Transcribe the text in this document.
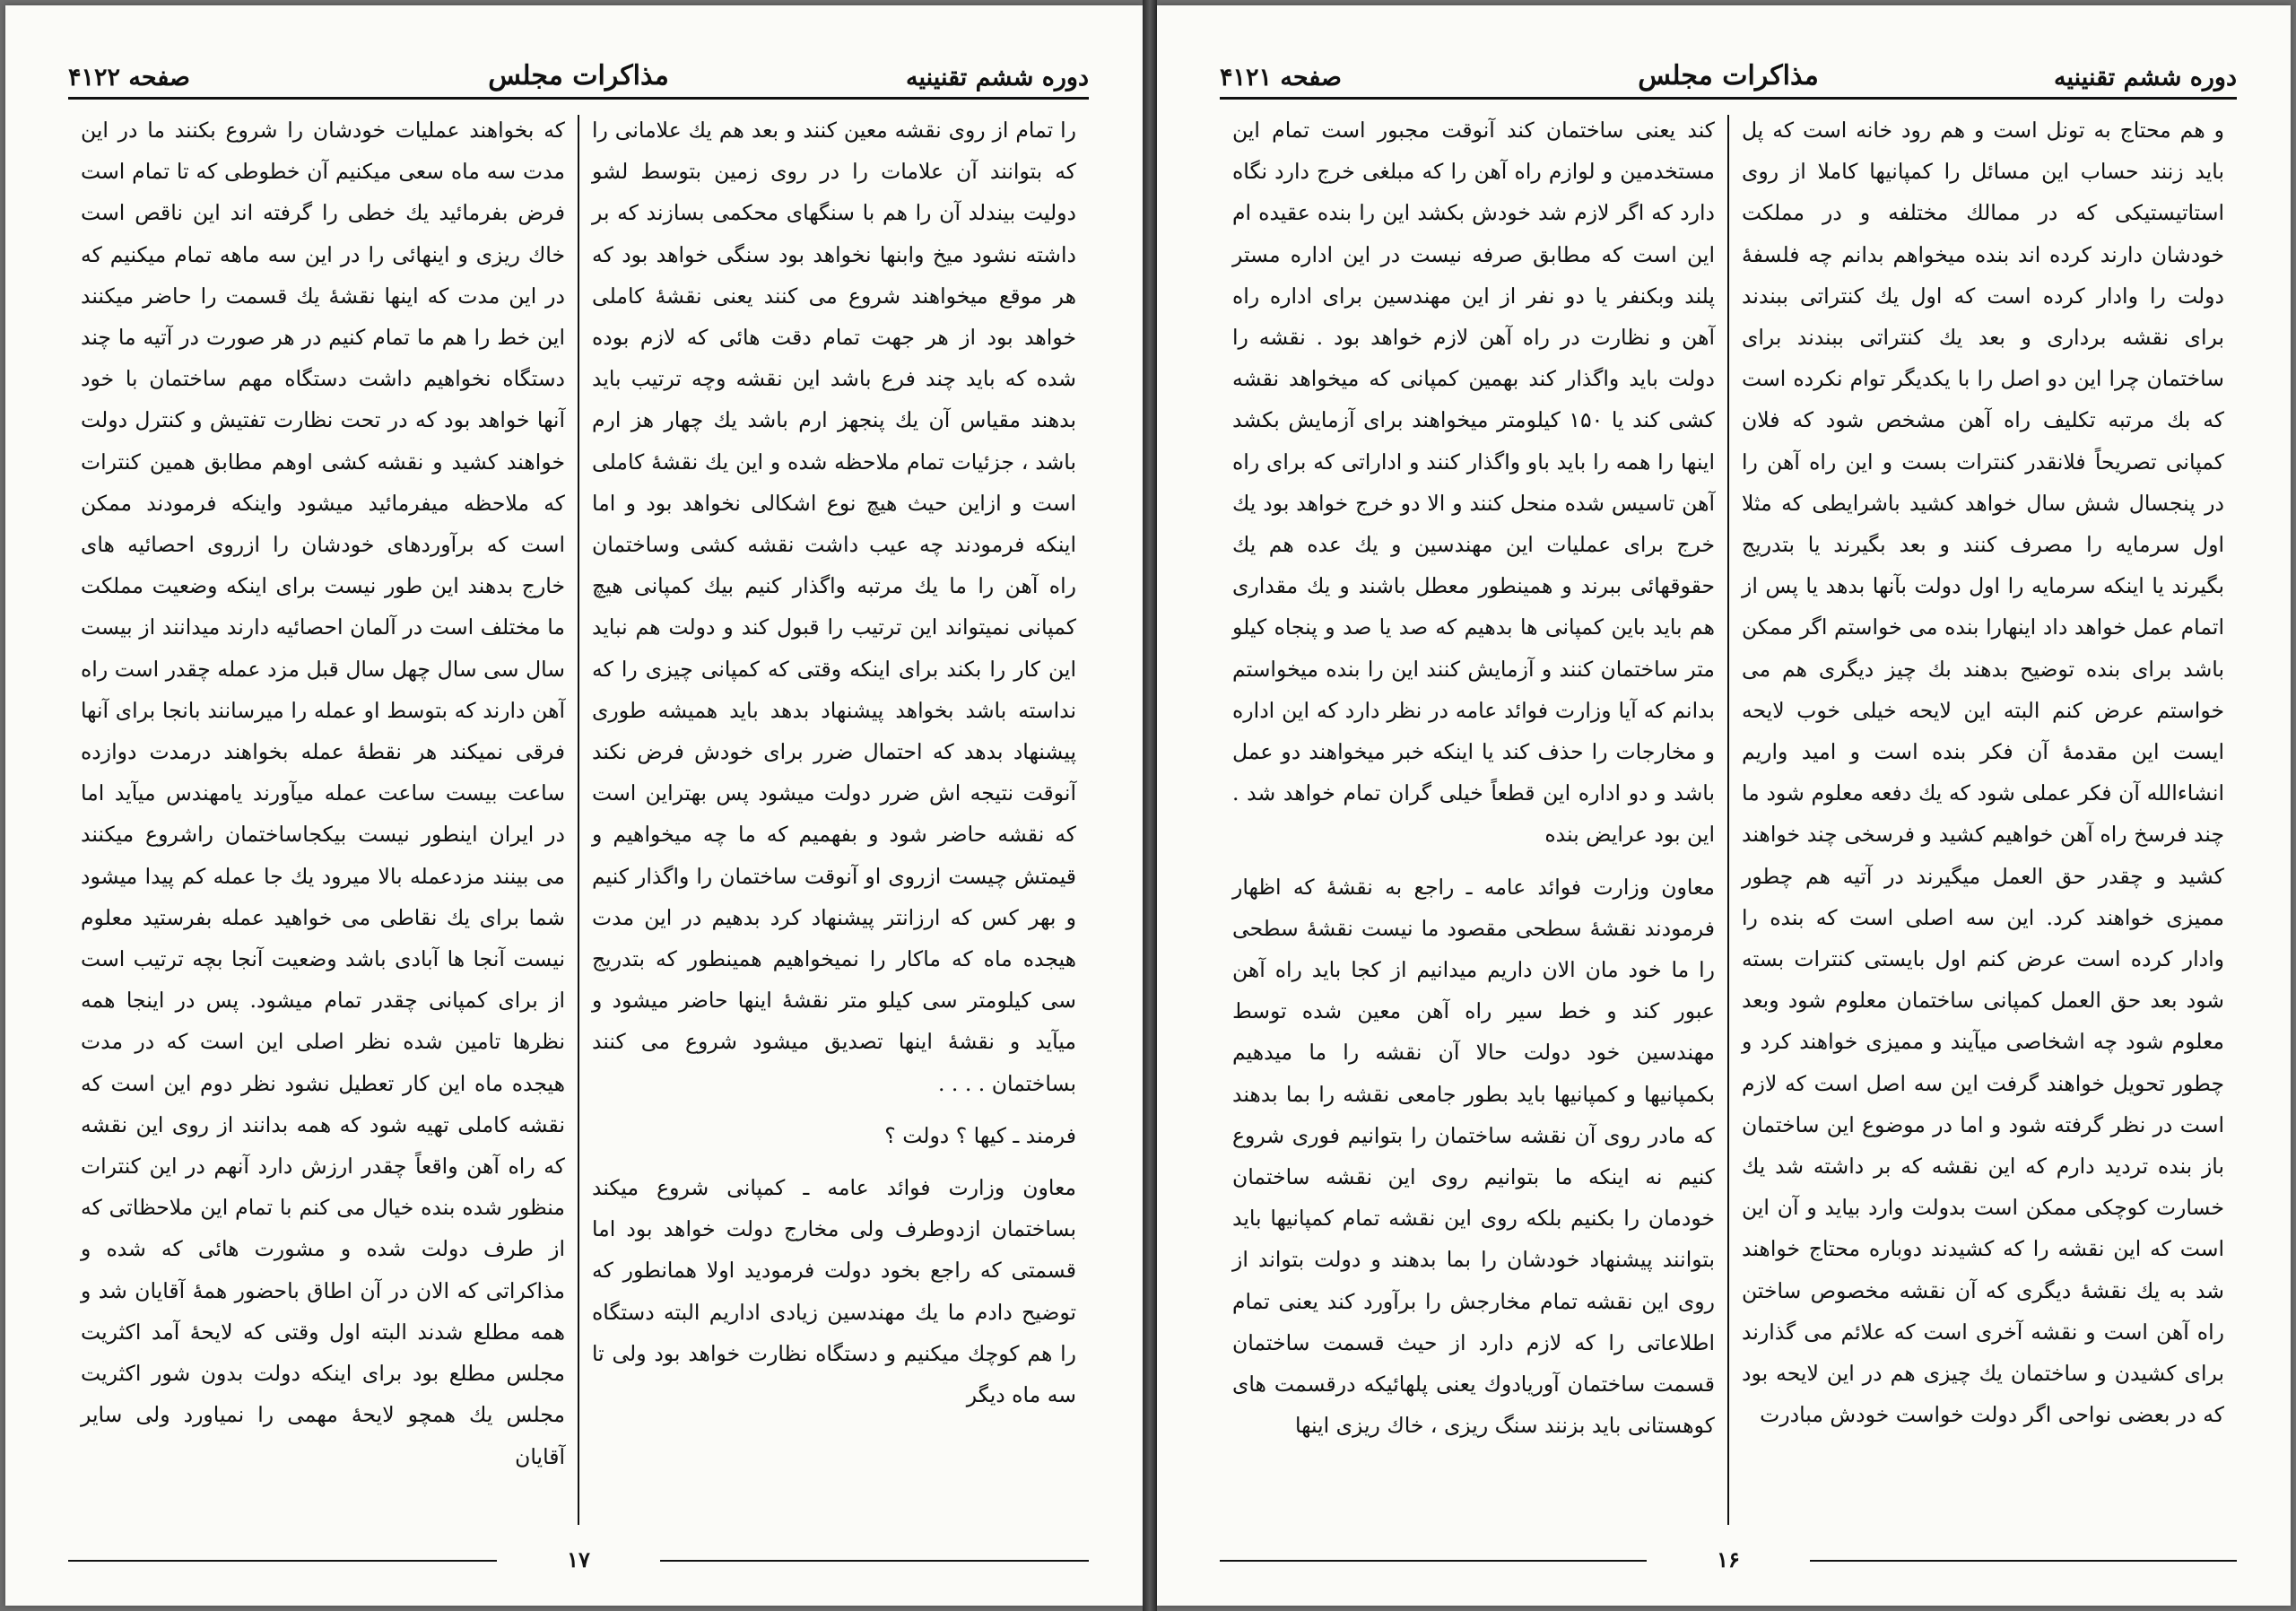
دوره ششم تقنينيه
مذاکرات مجلس
صفحه ۴۱۲۲

را تمام از روی نقشه معین کنند و بعد هم یك علامانی را که بتوانند آن علامات را در روی زمین بتوسط لشو دولیت بیندلد آن را هم با سنگهای محکمی بسازند که بر داشته نشود میخ وابنها نخواهد بود سنگی خواهد بود که هر موقع میخواهند شروع می کنند یعنی نقشهٔ کاملی خواهد بود از هر جهت تمام دقت هائی که لازم بوده شده که باید چند فرع باشد این نقشه وچه ترتیب باید بدهند مقیاس آن یك پنجهز ارم باشد یك چهار هز ارم باشد ، جزئیات تمام ملاحظه شده و این یك نقشهٔ کاملی است و ازاین حیث هیچ نوع اشکالی نخواهد بود و اما اینکه فرمودند چه عیب داشت نقشه کشی وساختمان راه آهن را ما یك مرتبه واگذار کنیم بیك کمپانی هیچ کمپانی نمیتواند این ترتیب را قبول کند و دولت هم نباید این کار را بکند برای اینکه وقتی که کمپانی چیزی را که نداسته باشد بخواهد پیشنهاد بدهد باید همیشه طوری پیشنهاد بدهد که احتمال ضرر برای خودش فرض نکند آنوقت نتیجه اش ضرر دولت میشود پس بهتراین است که نقشه حاضر شود و بفهمیم که ما چه میخواهیم و قیمتش چیست ازروی او آنوقت ساختمان را واگذار کنیم و بهر کس که ارزانتر پیشنهاد کرد بدهیم در این مدت هیجده ماه که ماکار را نمیخواهیم همینطور که بتدریج سی کیلومتر سی کیلو متر نقشهٔ اینها حاضر میشود و میآید و نقشهٔ اینها تصدیق میشود شروع می کنند بساختمان . . . .

فرمند ـ کیها ؟ دولت ؟

معاون وزارت فوائد عامه ـ کمپانی شروع میکند بساختمان ازدوطرف ولی مخارج دولت خواهد بود اما قسمتی که راجع بخود دولت فرمودید اولا همانطور که توضیح دادم ما یك مهندسین زیادی اداریم البته دستگاه را هم کوچك میکنیم و دستگاه نظارت خواهد بود ولی تا سه ماه دیگر

که بخواهند عملیات خودشان را شروع بکنند ما در این مدت سه ماه سعی میکنیم آن خطوطی که تا تمام است فرض بفرمائید یك خطی را گرفته اند این ناقص است خاك ریزی و اینهائی را در این سه ماهه تمام میکنیم که در این مدت که اینها نقشهٔ یك قسمت را حاضر میکنند این خط را هم ما تمام کنیم در هر صورت در آتیه ما چند دستگاه نخواهیم داشت دستگاه مهم ساختمان با خود آنها خواهد بود که در تحت نظارت تفتیش و کنترل دولت خواهند کشید و نقشه کشی اوهم مطابق همین کنترات که ملاحظه میفرمائید میشود واینکه فرمودند ممکن است که برآوردهای خودشان را ازروی احصائیه های خارج بدهند این طور نیست برای اینکه وضعیت مملکت ما مختلف است در آلمان احصائیه دارند میدانند از بیست سال سی سال چهل سال قبل مزد عمله چقدر است راه آهن دارند که بتوسط او عمله را میرسانند بانجا برای آنها فرقی نمیکند هر نقطهٔ عمله بخواهند درمدت دوازده ساعت بیست ساعت عمله میآورند یامهندس میآید اما در ایران اینطور نیست بیکجاساختمان راشروع میکنند می بینند مزدعمله بالا میرود یك جا عمله کم پیدا میشود شما برای یك نقاطی می خواهید عمله بفرستید معلوم نیست آنجا ها آبادی باشد وضعیت آنجا بچه ترتیب است از برای کمپانی چقدر تمام میشود. پس در اینجا همه نظرها تامین شده نظر اصلی این است که در مدت هیجده ماه این کار تعطیل نشود نظر دوم این است که نقشه کاملی تهیه شود که همه بدانند از روی این نقشه که راه آهن واقعاً چقدر ارزش دارد آنهم در این کنترات منظور شده بنده خیال می کنم با تمام این ملاحظاتی که از طرف دولت شده و مشورت هائی که شده و مذاکراتی که الان در آن اطاق باحضور همهٔ آقایان شد و همه مطلع شدند البته اول وقتی که لایحهٔ آمد اکثریت مجلس مطلع بود برای اینکه دولت بدون شور اکثریت مجلس یك همچو لایحهٔ مهمی را نمیاورد ولی سایر آقایان

۱۷
دوره ششم تقنينيه
مذاکرات مجلس
صفحه ۴۱۲۱

و هم محتاج به تونل است و هم رود خانه است که پل باید زنند حساب این مسائل را کمپانیها کاملا از روی استاتیستیکی که در ممالك مختلفه و در مملکت خودشان دارند کرده اند بنده میخواهم بدانم چه فلسفهٔ دولت را وادار کرده است که اول یك کنتراتی ببندند برای نقشه برداری و بعد یك کنتراتی ببندند برای ساختمان چرا این دو اصل را با یکدیگر توام نکرده است که بك مرتبه تکلیف راه آهن مشخص شود که فلان کمپانی تصریحاً فلانقدر کنترات بست و این راه آهن را در پنجسال شش سال خواهد کشید باشرایطی که مثلا اول سرمایه را مصرف کنند و بعد بگیرند یا بتدریج بگیرند یا اینکه سرمایه را اول دولت بآنها بدهد یا پس از اتمام عمل خواهد داد اینهارا بنده می خواستم اگر ممکن باشد برای بنده توضیح بدهند بك چیز دیگری هم می خواستم عرض کنم البته این لایحه خیلی خوب لایحه ایست این مقدمهٔ آن فکر بنده است و امید واریم انشاءالله آن فکر عملی شود که یك دفعه معلوم شود ما چند فرسخ راه آهن خواهیم کشید و فرسخی چند خواهند کشید و چقدر حق العمل میگیرند در آتیه هم چطور ممیزی خواهند کرد. این سه اصلی است که بنده را وادار کرده است عرض کنم اول بایستی کنترات بسته شود بعد حق العمل کمپانی ساختمان معلوم شود وبعد معلوم شود چه اشخاصی میآیند و ممیزی خواهند کرد و چطور تحویل خواهند گرفت این سه اصل است که لازم است در نظر گرفته شود و اما در موضوع این ساختمان باز بنده تردید دارم که این نقشه که بر داشته شد یك خسارت کوچکی ممکن است بدولت وارد بیاید و آن این است که این نقشه را که کشیدند دوباره محتاج خواهند شد به یك نقشهٔ دیگری که آن نقشه مخصوص ساختن راه آهن است و نقشه آخری است که علائم می گذارند برای کشیدن و ساختمان یك چیزی هم در این لایحه بود که در بعضی نواحی اگر دولت خواست خودش مبادرت

کند یعنی ساختمان کند آنوقت مجبور است تمام این مستخدمین و لوازم راه آهن را که مبلغی خرج دارد نگاه دارد که اگر لازم شد خودش بکشد این را بنده عقیده ام این است که مطابق صرفه نیست در این اداره مستر پلند وبکنفر یا دو نفر از این مهندسین برای اداره راه آهن و نظارت در راه آهن لازم خواهد بود . نقشه را دولت باید واگذار کند بهمین کمپانی که میخواهد نقشه کشی کند یا ۱۵۰ کیلومتر میخواهند برای آزمایش بکشد اینها را همه را باید باو واگذار کنند و اداراتی که برای راه آهن تاسیس شده منحل کنند و الا دو خرج خواهد بود یك خرج برای عملیات این مهندسین و یك عده هم یك حقوقهائی ببرند و همینطور معطل باشند و یك مقداری هم باید باین کمپانی ها بدهیم که صد یا صد و پنجاه کیلو متر ساختمان کنند و آزمایش کنند این را بنده میخواستم بدانم که آیا وزارت فوائد عامه در نظر دارد که این اداره و مخارجات را حذف کند یا اینکه خبر میخواهند دو عمل باشد و دو اداره این قطعاً خیلی گران تمام خواهد شد . این بود عرایض بنده

معاون وزارت فوائد عامه ـ راجع به نقشهٔ که اظهار فرمودند نقشهٔ سطحی مقصود ما نیست نقشهٔ سطحی را ما خود مان الان داریم میدانیم از کجا باید راه آهن عبور کند و خط سیر راه آهن معین شده توسط مهندسین خود دولت حالا آن نقشه را ما میدهیم بکمپانیها و کمپانیها باید بطور جامعی نقشه را بما بدهند که مادر روی آن نقشه ساختمان را بتوانیم فوری شروع کنیم نه اینکه ما بتوانیم روی این نقشه ساختمان خودمان را بکنیم بلکه روی این نقشه تمام کمپانیها باید بتوانند پیشنهاد خودشان را بما بدهند و دولت بتواند از روی این نقشه تمام مخارجش را برآورد کند یعنی تمام اطلاعاتی را که لازم دارد از حیث قسمت ساختمان قسمت ساختمان آوریادوك یعنی پلهائیکه درقسمت های کوهستانی باید بزنند سنگ ریزی ، خاك ریزی اینها

۱۶
